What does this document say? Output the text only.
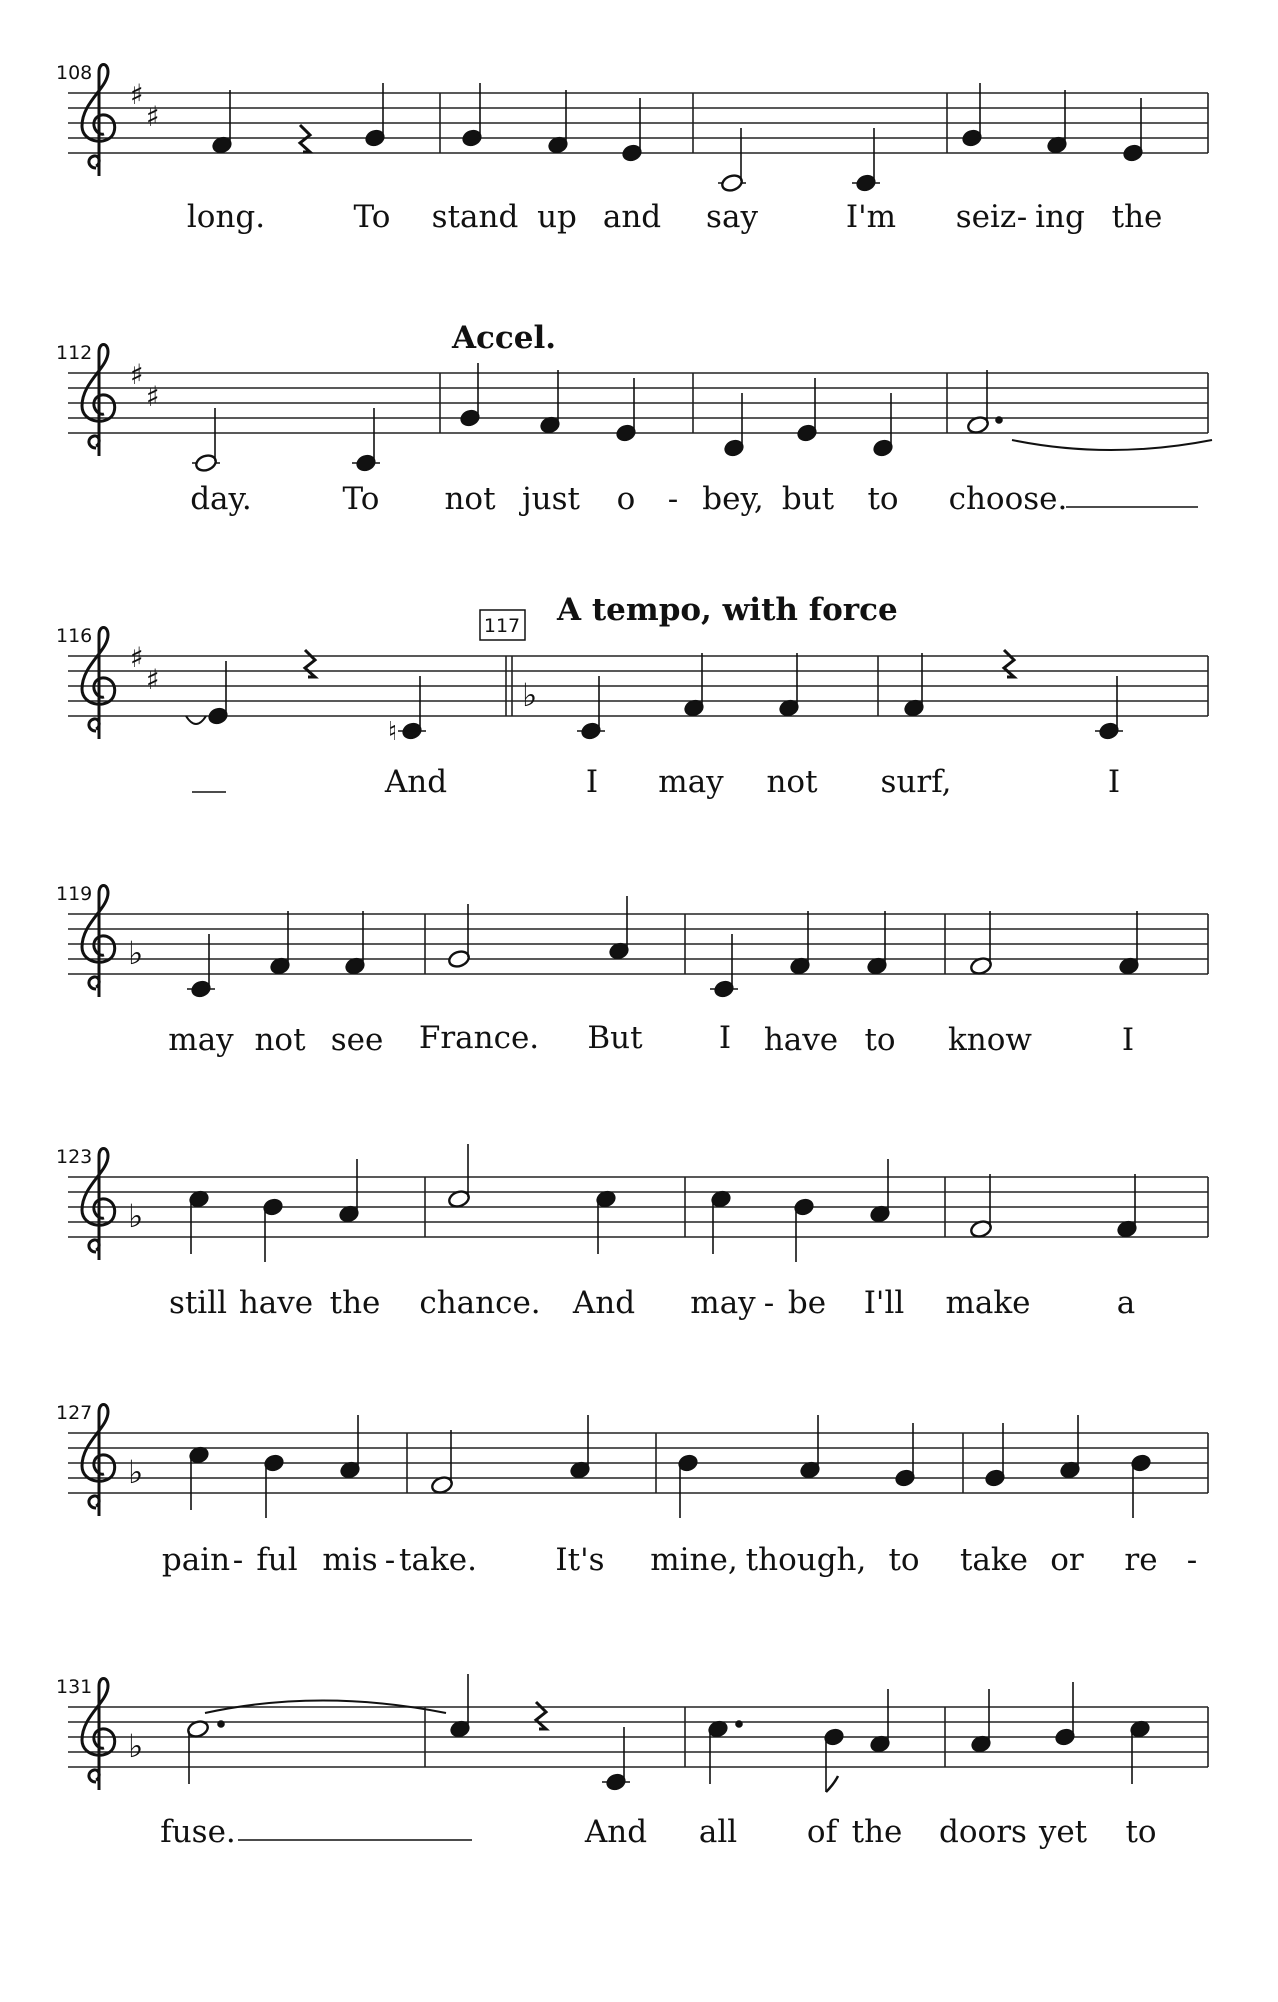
108
♯
♯
long.	To stand up and say	I'm seiz - ing the
Accel.
112
♯
♯
day.	To not just o - bey, but to choose.
117 A tempo, with force
116
♯
♯	♭
♮
And	I may not surf,	I
119
♭
may not see France. But I have to know	I
123
♭
still have the chance. And may - be I'll make	a
127
♭
pain - ful mis - take.	It's mine, though, to take or re -
131
♭
fuse.	And all of the doors yet to
